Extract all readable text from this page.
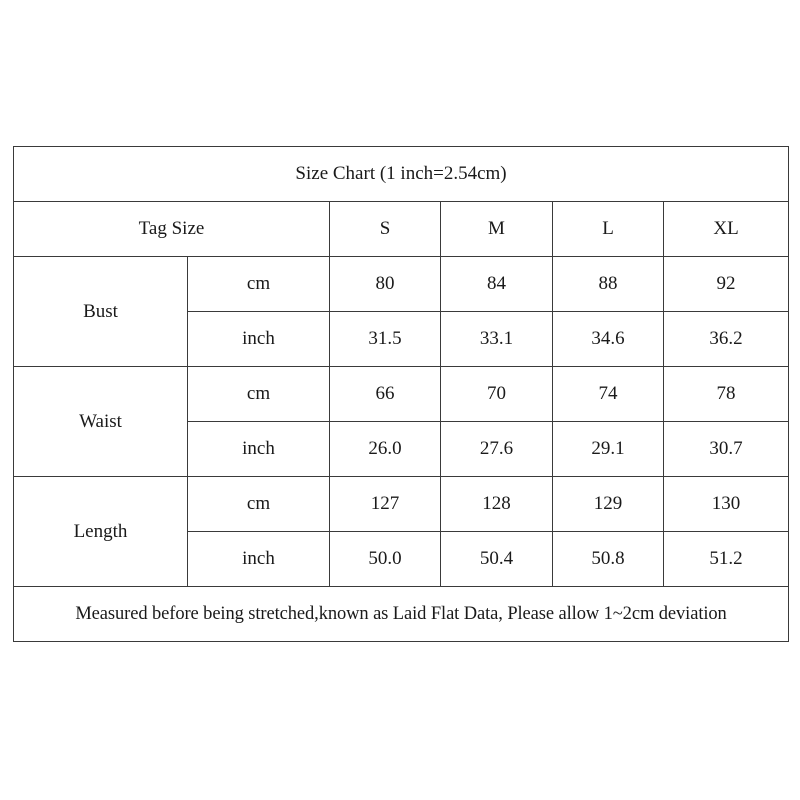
Size Chart (1 inch=2.54cm)					
Tag Size		S	M	L	XL
Bust	cm	80	84	88	92
	inch	31.5	33.1	34.6	36.2
Waist	cm	66	70	74	78
	inch	26.0	27.6	29.1	30.7
Length	cm	127	128	129	130
	inch	50.0	50.4	50.8	51.2
Measured before being stretched,known as Laid Flat Data, Please allow 1~2cm deviation					
